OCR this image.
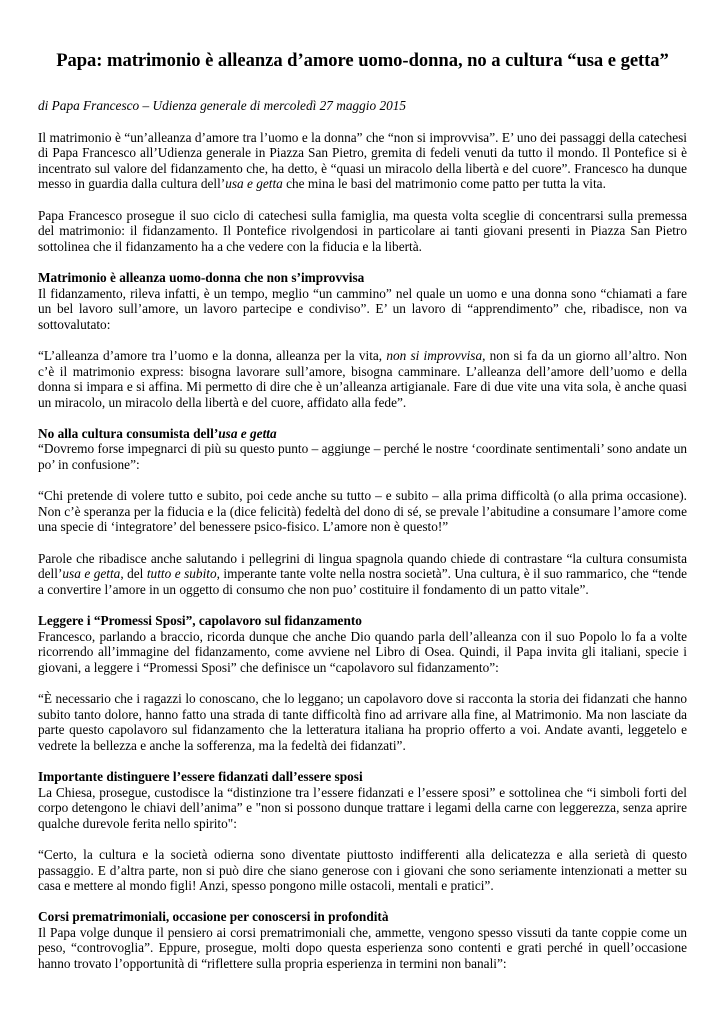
Papa: matrimonio è alleanza d’amore uomo-donna, no a cultura “usa e getta”
di Papa Francesco – Udienza generale di mercoledì 27 maggio 2015

Il matrimonio è “un’alleanza d’amore tra l’uomo e la donna” che “non si improvvisa”. E’ uno dei passaggi della catechesi di Papa Francesco all’Udienza generale in Piazza San Pietro, gremita di fedeli venuti da tutto il mondo. Il Pontefice si è incentrato sul valore del fidanzamento che, ha detto, è “quasi un miracolo della libertà e del cuore”. Francesco ha dunque messo in guardia dalla cultura dell’usa e getta che mina le basi del matrimonio come patto per tutta la vita.

Papa Francesco prosegue il suo ciclo di catechesi sulla famiglia, ma questa volta sceglie di concentrarsi sulla premessa del matrimonio: il fidanzamento. Il Pontefice rivolgendosi in particolare ai tanti giovani presenti in Piazza San Pietro sottolinea che il fidanzamento ha a che vedere con la fiducia e la libertà.

Matrimonio è alleanza uomo-donna che non s’improvvisa

Il fidanzamento, rileva infatti, è un tempo, meglio “un cammino” nel quale un uomo e una donna sono “chiamati a fare un bel lavoro sull’amore, un lavoro partecipe e condiviso”. E’ un lavoro di “apprendimento” che, ribadisce, non va sottovalutato:

“L’alleanza d’amore tra l’uomo e la donna, alleanza per la vita, non si improvvisa, non si fa da un giorno all’altro. Non c’è il matrimonio express: bisogna lavorare sull’amore, bisogna camminare. L’alleanza dell’amore dell’uomo e della donna si impara e si affina. Mi permetto di dire che è un’alleanza artigianale. Fare di due vite una vita sola, è anche quasi un miracolo, un miracolo della libertà e del cuore, affidato alla fede”.

No alla cultura consumista dell’usa e getta

“Dovremo forse impegnarci di più su questo punto – aggiunge – perché le nostre ‘coordinate sentimentali’ sono andate un po’ in confusione”:

“Chi pretende di volere tutto e subito, poi cede anche su tutto – e subito – alla prima difficoltà (o alla prima occasione). Non c’è speranza per la fiducia e la (dice felicità) fedeltà del dono di sé, se prevale l’abitudine a consumare l’amore come una specie di ‘integratore’ del benessere psico-fisico. L’amore non è questo!”

Parole che ribadisce anche salutando i pellegrini di lingua spagnola quando chiede di contrastare “la cultura consumista dell’usa e getta, del tutto e subito, imperante tante volte nella nostra società”. Una cultura, è il suo rammarico, che “tende a convertire l’amore in un oggetto di consumo che non puo’ costituire il fondamento di un patto vitale”.

Leggere i “Promessi Sposi”, capolavoro sul fidanzamento

Francesco, parlando a braccio, ricorda dunque che anche Dio quando parla dell’alleanza con il suo Popolo lo fa a volte ricorrendo all’immagine del fidanzamento, come avviene nel Libro di Osea. Quindi, il Papa invita gli italiani, specie i giovani, a leggere i “Promessi Sposi” che definisce un “capolavoro sul fidanzamento”:

“È necessario che i ragazzi lo conoscano, che lo leggano; un capolavoro dove si racconta la storia dei fidanzati che hanno subito tanto dolore, hanno fatto una strada di tante difficoltà fino ad arrivare alla fine, al Matrimonio. Ma non lasciate da parte questo capolavoro sul fidanzamento che la letteratura italiana ha proprio offerto a voi. Andate avanti, leggetelo e vedrete la bellezza e anche la sofferenza, ma la fedeltà dei fidanzati”.

Importante distinguere l’essere fidanzati dall’essere sposi

La Chiesa, prosegue, custodisce la “distinzione tra l’essere fidanzati e l’essere sposi” e sottolinea che “i simboli forti del corpo detengono le chiavi dell’anima” e "non si possono dunque trattare i legami della carne con leggerezza, senza aprire qualche durevole ferita nello spirito":

“Certo, la cultura e la società odierna sono diventate piuttosto indifferenti alla delicatezza e alla serietà di questo passaggio. E d’altra parte, non si può dire che siano generose con i giovani che sono seriamente intenzionati a metter su casa e mettere al mondo figli! Anzi, spesso pongono mille ostacoli, mentali e pratici”.

Corsi prematrimoniali, occasione per conoscersi in profondità

Il Papa volge dunque il pensiero ai corsi prematrimoniali che, ammette, vengono spesso vissuti da tante coppie come un peso, “controvoglia”. Eppure, prosegue, molti dopo questa esperienza sono contenti e grati perché in quell’occasione hanno trovato l’opportunità di “riflettere sulla propria esperienza in termini non banali”:
